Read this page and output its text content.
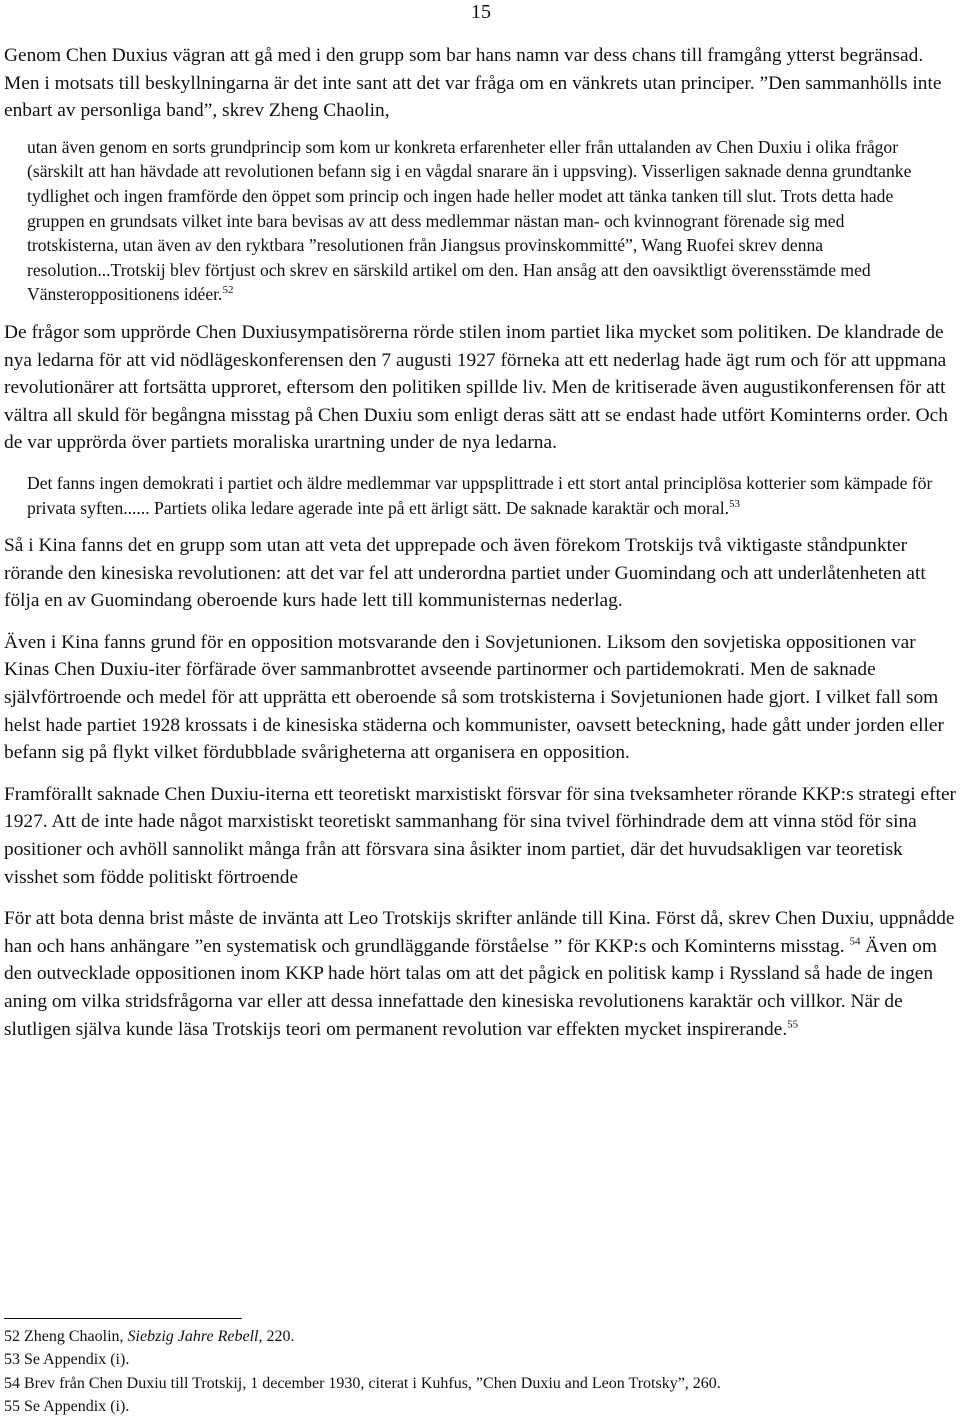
15

Genom Chen Duxius vägran att gå med i den grupp som bar hans namn var dess chans till framgång ytterst begränsad. Men i motsats till beskyllningarna är det inte sant att det var fråga om en vänkrets utan principer. ”Den sammanhölls inte enbart av personliga band”, skrev Zheng Chaolin,

utan även genom en sorts grundprincip som kom ur konkreta erfarenheter eller från uttalanden av Chen Duxiu i olika frågor (särskilt att han hävdade att revolutionen befann sig i en vågdal snarare än i uppsving). Visserligen saknade denna grundtanke tydlighet och ingen framförde den öppet som princip och ingen hade heller modet att tänka tanken till slut. Trots detta hade gruppen en grundsats vilket inte bara bevisas av att dess medlemmar nästan man- och kvinnogrant förenade sig med trotskisterna, utan även av den ryktbara ”resolutionen från Jiangsus provinskommitté”, Wang Ruofei skrev denna resolution...Trotskij blev förtjust och skrev en särskild artikel om den. Han ansåg att den oavsiktligt överensstämde med Vänsteroppositionens idéer.$^{52}$

De frågor som upprörde Chen Duxiusympatisörerna rörde stilen inom partiet lika mycket som politiken. De klandrade de nya ledarna för att vid nödlägeskonferensen den 7 augusti 1927 förneka att ett nederlag hade ägt rum och för att uppmana revolutionärer att fortsätta upproret, eftersom den politiken spillde liv. Men de kritiserade även augustikonferensen för att vältra all skuld för begångna misstag på Chen Duxiu som enligt deras sätt att se endast hade utfört Kominterns order. Och de var upprörda över partiets moraliska urartning under de nya ledarna.

Det fanns ingen demokrati i partiet och äldre medlemmar var uppsplittrade i ett stort antal principlösa kotterier som kämpade för privata syften...... Partiets olika ledare agerade inte på ett ärligt sätt. De saknade karaktär och moral.$^{53}$

Så i Kina fanns det en grupp som utan att veta det upprepade och även förekom Trotskijs två viktigaste ståndpunkter rörande den kinesiska revolutionen: att det var fel att underordna partiet under Guomindang och att underlåtenheten att följa en av Guomindang oberoende kurs hade lett till kommunisternas nederlag.

Även i Kina fanns grund för en opposition motsvarande den i Sovjetunionen. Liksom den sovjetiska oppositionen var Kinas Chen Duxiu-iter förfärade över sammanbrottet avseende partinormer och partidemokrati. Men de saknade självförtroende och medel för att upprätta ett oberoende så som trotskisterna i Sovjetunionen hade gjort. I vilket fall som helst hade partiet 1928 krossats i de kinesiska städerna och kommunister, oavsett beteckning, hade gått under jorden eller befann sig på flykt vilket fördubblade svårigheterna att organisera en opposition.

Framförallt saknade Chen Duxiu-iterna ett teoretiskt marxistiskt försvar för sina tveksamheter rörande KKP:s strategi efter 1927. Att de inte hade något marxistiskt teoretiskt sammanhang för sina tvivel förhindrade dem att vinna stöd för sina positioner och avhöll sannolikt många från att försvara sina åsikter inom partiet, där det huvudsakligen var teoretisk visshet som födde politiskt förtroende

För att bota denna brist måste de invänta att Leo Trotskijs skrifter anlände till Kina. Först då, skrev Chen Duxiu, uppnådde han och hans anhängare ”en systematisk och grundläggande förståelse ” för KKP:s och Kominterns misstag. $^{54}$ Även om den outvecklade oppositionen inom KKP hade hört talas om att det pågick en politisk kamp i Ryssland så hade de ingen aning om vilka stridsfrågorna var eller att dessa innefattade den kinesiska revolutionens karaktär och villkor. När de slutligen själva kunde läsa Trotskijs teori om permanent revolution var effekten mycket inspirerande.$^{55}$

52 Zheng Chaolin, Siebzig Jahre Rebell, 220.
53 Se Appendix (i).
54 Brev från Chen Duxiu till Trotskij, 1 december 1930, citerat i Kuhfus, ”Chen Duxiu and Leon Trotsky”, 260.
55 Se Appendix (i).
